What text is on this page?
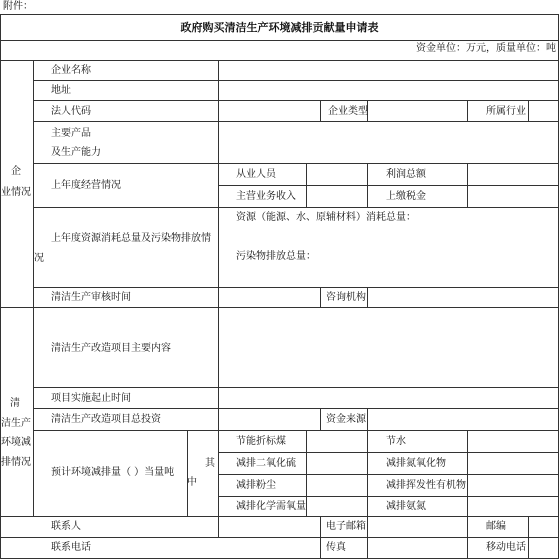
附件：
政府购买清洁生产环境减排贡献量申请表
资金单位：万元，质量单位：吨
企
业情况
企业名称
地址
法人代码	企业类型	所属行业
主要产品
及生产能力
上年度经营情况
从业人员	利润总额
主营业务收入	上缴税金
上年度资源消耗总量及污染物排放情
况
资源（能源、水、原辅材料）消耗总量：
污染物排放总量：
清洁生产审核时间	咨询机构
清
洁生产
环境减
排情况
清洁生产改造项目主要内容
项目实施起止时间
清洁生产改造项目总投资	资金来源
预计环境减排量（ ）当量吨
其
中
节能折标煤	节水
减排二氧化硫	减排氮氧化物
减排粉尘	减排挥发性有机物
减排化学需氧量	减排氨氮
联系人	电子邮箱	邮编
联系电话	传真	移动电话
